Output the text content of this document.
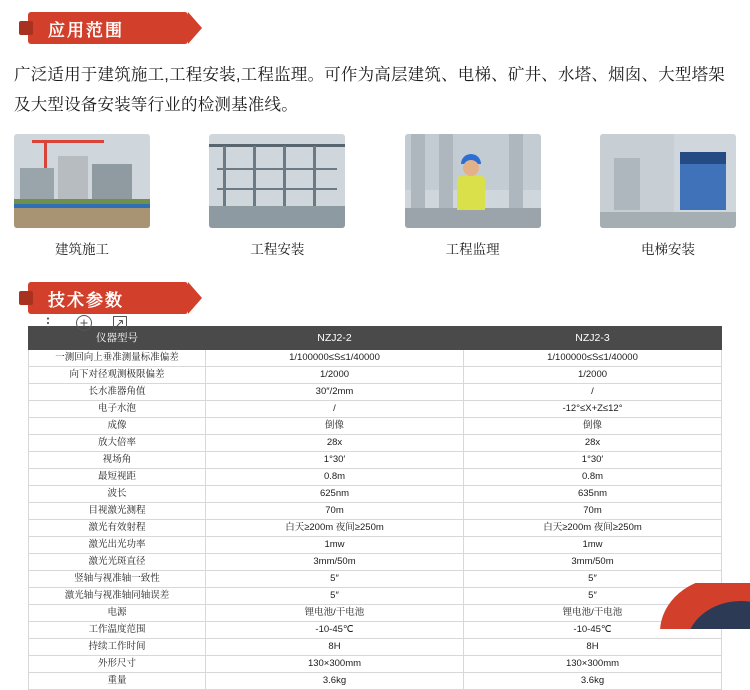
应用范围

广泛适用于建筑施工,工程安装,工程监理。可作为高层建筑、电梯、矿井、水塔、烟囱、大型塔架及大型设备安装等行业的检测基准线。

建筑施工	工程安装	工程监理	电梯安装
技术参数
仪器型号	NZJ2-2	NZJ2-3
一测回向上垂准测量标准偏差	1/100000≤S≤1/40000	1/100000≤S≤1/40000
向下对径观测极限偏差	1/2000	1/2000
长水准器角值	30″/2mm	/
电子水泡	/	-12°≤X+Z≤12°
成像	倒像	倒像
放大倍率	28x	28x
视场角	1°30′	1°30′
最短视距	0.8m	0.8m
波长	625nm	635nm
目视激光测程	70m	70m
激光有效射程	白天≥200m 夜间≥250m	白天≥200m 夜间≥250m
激光出光功率	1mw	1mw
激光光斑直径	3mm/50m	3mm/50m
竖轴与视准轴一致性	5″	5″
激光轴与视准轴同轴误差	5″	5″
电源	锂电池/干电池	锂电池/干电池
工作温度范围	-10-45℃	-10-45℃
持续工作时间	8H	8H
外形尺寸	130×300mm	130×300mm
重量	3.6kg	3.6kg
